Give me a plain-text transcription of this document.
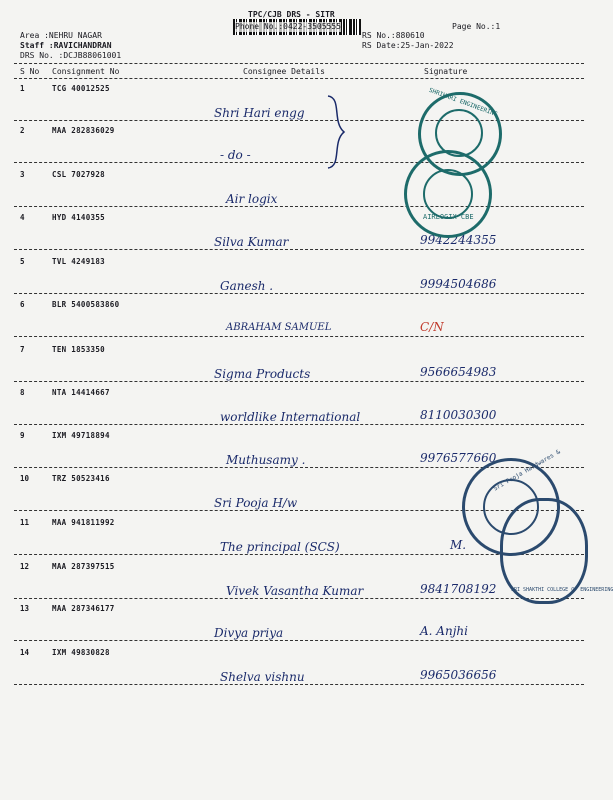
TPC/CJB DRS - SITR
Phone No.:0422-3505555	Page No.:1
Area :NEHRU NAGAR
Staff :RAVICHANDRAN
DRS No. :DCJB88061001
RS No.:880610
RS Date:25-Jan-2022
S No Consignment No	Consignee Details	Signature
1	TCG 40012525
Shri Hari engg
2	MAA 282836029
- do -
3	CSL 7027928
Air logix
4	HYD 4140355
Silva Kumar	9942244355
5	TVL 4249183
Ganesh .	9994504686
6	BLR 5400583860
ABRAHAM SAMUEL	C/N
7	TEN 1853350
Sigma Products	9566654983
8	NTA 14414667
worldlike International	8110030300
9	IXM 49718894
Muthusamy .	9976577660
10	TRZ 50523416
Sri Pooja H/w
11	MAA 941811992
The principal (SCS)	M.
12	MAA 287397515
Vivek Vasantha Kumar	9841708192
13	MAA 287346177
Divya priya	A. Anjhi
14	IXM 49830828
Shelva vishnu	9965036656
SHRIHARI ENGINEERING
AIRLOGIX CBE
Sri Pooja Hardwares &
SRI SHAKTHI COLLEGE OF ENGINEERING
